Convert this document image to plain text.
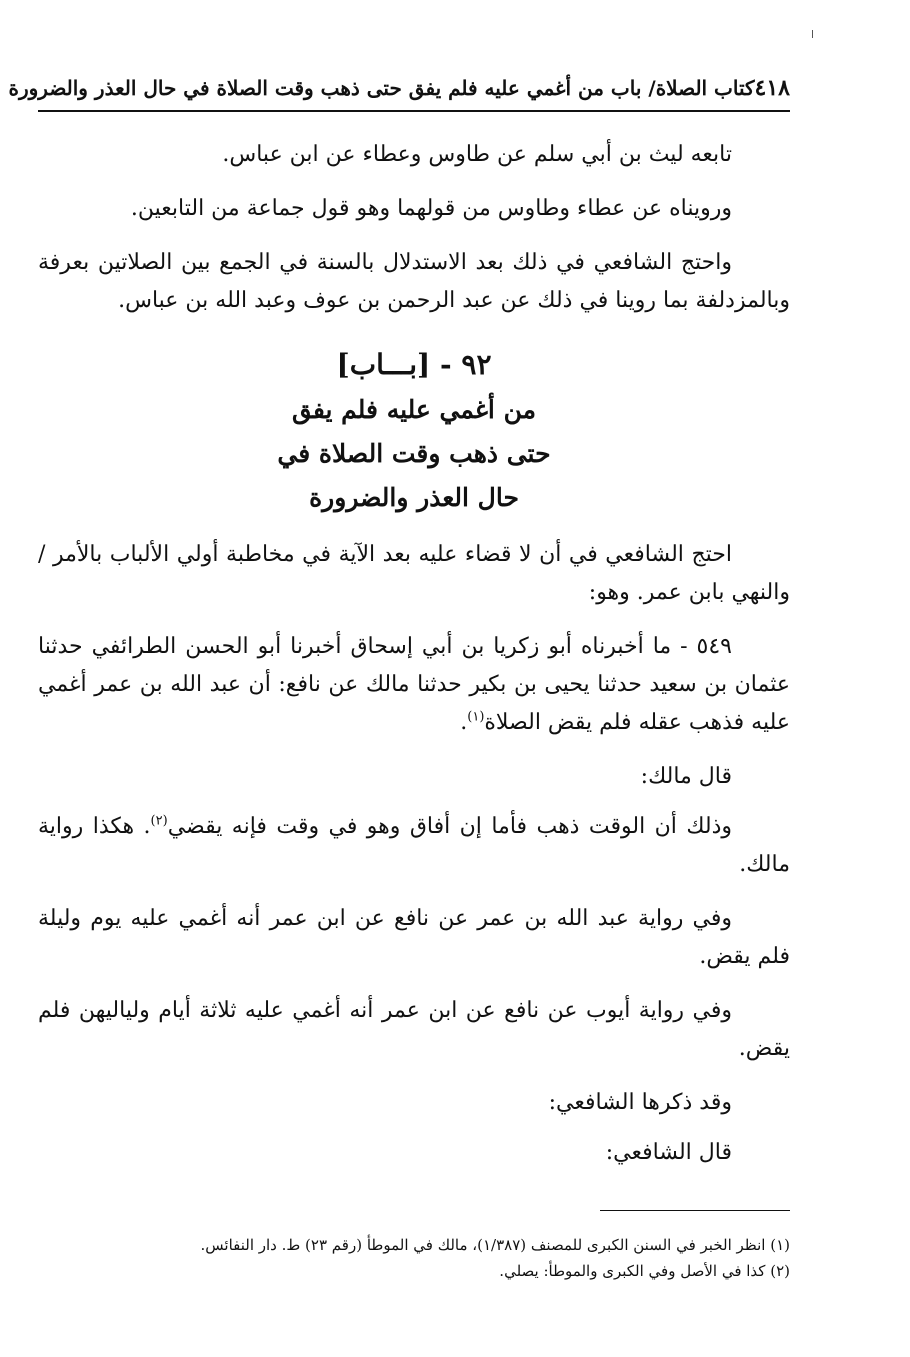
٤١٨
كتاب الصلاة/ باب من أغمي عليه فلم يفق حتى ذهب وقت الصلاة في حال العذر والضرورة

تابعه ليث بن أبي سلم عن طاوس وعطاء عن ابن عباس.

ورويناه عن عطاء وطاوس من قولهما وهو قول جماعة من التابعين.

واحتج الشافعي في ذلك بعد الاستدلال بالسنة في الجمع بين الصلاتين بعرفة وبالمزدلفة بما روينا في ذلك عن عبد الرحمن بن عوف وعبد الله بن عباس.

٩٢ - [بـــاب]
من أغمي عليه فلم يفق
حتى ذهب وقت الصلاة في
حال العذر والضرورة

احتج الشافعي في أن لا قضاء عليه بعد الآية في مخاطبة أولي الألباب بالأمر /والنهي بابن عمر. وهو:

٥٤٩ - ما أخبرناه أبو زكريا بن أبي إسحاق أخبرنا أبو الحسن الطرائفي حدثنا عثمان بن سعيد حدثنا يحيى بن بكير حدثنا مالك عن نافع: أن عبد الله بن عمر أغمي عليه فذهب عقله فلم يقض الصلاة$^{(١)}$.

قال مالك:

وذلك أن الوقت ذهب فأما إن أفاق وهو في وقت فإنه يقضي$^{(٢)}$. هكذا رواية مالك.

وفي رواية عبد الله بن عمر عن نافع عن ابن عمر أنه أغمي عليه يوم وليلة فلم يقض.

وفي رواية أيوب عن نافع عن ابن عمر أنه أغمي عليه ثلاثة أيام ولياليهن فلم يقض.

وقد ذكرها الشافعي:

قال الشافعي:

(١) انظر الخبر في السنن الكبرى للمصنف (١/٣٨٧)، مالك في الموطأ (رقم ٢٣) ط. دار النفائس.

(٢) كذا في الأصل وفي الكبرى والموطأ: يصلي.
